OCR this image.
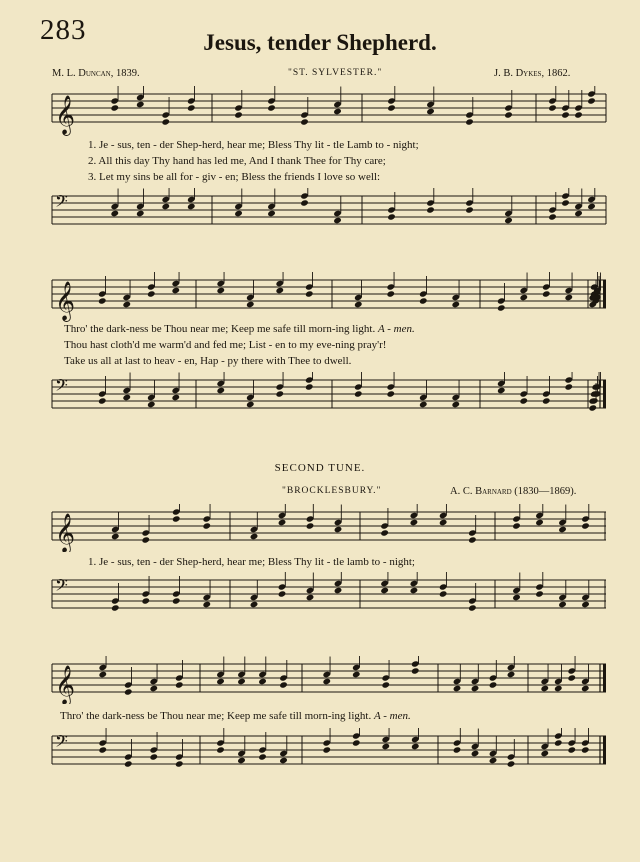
283	Jesus, tender Shepherd.
M. L. Duncan, 1839.	"ST. SYLVESTER."	J. B. Dykes, 1862.
𝄞
1. Je - sus, ten - der Shep-herd, hear me; Bless Thy lit - tle Lamb to - night;
2. All this day Thy hand has led me, And I thank Thee for Thy care;
3. Let my sins be all for - giv - en; Bless the friends I love so well:
𝄢
𝄞
Thro' the dark-ness be Thou near me; Keep me safe till morn-ing light. A - men.
Thou hast cloth'd me warm'd and fed me; List - en to my eve-ning pray'r!
Take us all at last to heav - en, Hap - py there with Thee to dwell.
𝄢
SECOND TUNE.
"BROCKLESBURY."	A. C. Barnard (1830—1869).
𝄞
1. Je - sus, ten - der Shep-herd, hear me; Bless Thy lit - tle lamb to - night;
𝄢
𝄞
Thro' the dark-ness be Thou near me; Keep me safe till morn-ing light. A - men.
𝄢
